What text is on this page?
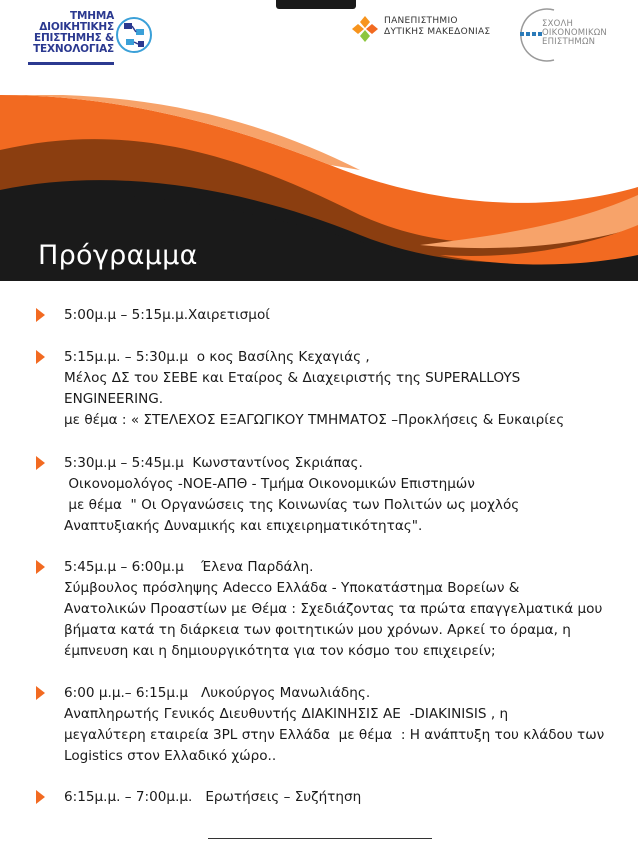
ΤΜΗΜΑ
ΔΙΟΙΚΗΤΙΚΗΣ
ΕΠΙΣΤΗΜΗΣ &
ΤΕΧΝΟΛΟΓΙΑΣ
ΠΑΝΕΠΙΣΤΗΜΙΟ
ΔΥΤΙΚΗΣ ΜΑΚΕΔΟΝΙΑΣ
ΣΧΟΛΗ
ΟΙΚΟΝΟΜΙΚΩΝ
ΕΠΙΣΤΗΜΩΝ
Πρόγραμμα
5:00μ.μ – 5:15μ.μ.Χαιρετισμοί
5:15μ.μ. – 5:30μ.μ  ο κος Βασίλης Κεχαγιάς ,
Μέλος ΔΣ του ΣΕΒΕ και Εταίρος & Διαχειριστής της SUPERALLOYS
ENGINEERING.
με θέμα : « ΣΤΕΛΕΧΟΣ ΕΞΑΓΩΓΙΚΟΥ ΤΜΗΜΑΤΟΣ –Προκλήσεις & Ευκαιρίες
5:30μ.μ – 5:45μ.μ  Κωνσταντίνος Σκριάπας.
Οικονομολόγος -ΝΟΕ-ΑΠΘ - Τμήμα Οικονομικών Επιστημών
με θέμα  " Οι Οργανώσεις της Κοινωνίας των Πολιτών ως μοχλός
Αναπτυξιακής Δυναμικής και επιχειρηματικότητας".
5:45μ.μ – 6:00μ.μ    Έλενα Παρδάλη.
Σύμβουλος πρόσληψης Adecco Ελλάδα - Υποκατάστημα Βορείων &
Ανατολικών Προαστίων με Θέμα : Σχεδιάζοντας τα πρώτα επαγγελματικά μου
βήματα κατά τη διάρκεια των φοιτητικών μου χρόνων. Αρκεί το όραμα, η
έμπνευση και η δημιουργικότητα για τον κόσμο του επιχειρείν;
6:00 μ.μ.– 6:15μ.μ   Λυκούργος Μανωλιάδης.
Αναπληρωτής Γενικός Διευθυντής ΔΙΑΚΙΝΗΣΙΣ ΑΕ  -DIAKINISIS , η
μεγαλύτερη εταιρεία 3PL στην Ελλάδα  με θέμα  : Η ανάπτυξη του κλάδου των
Logistics στον Ελλαδικό χώρο..
6:15μ.μ. – 7:00μ.μ.   Ερωτήσεις – Συζήτηση
